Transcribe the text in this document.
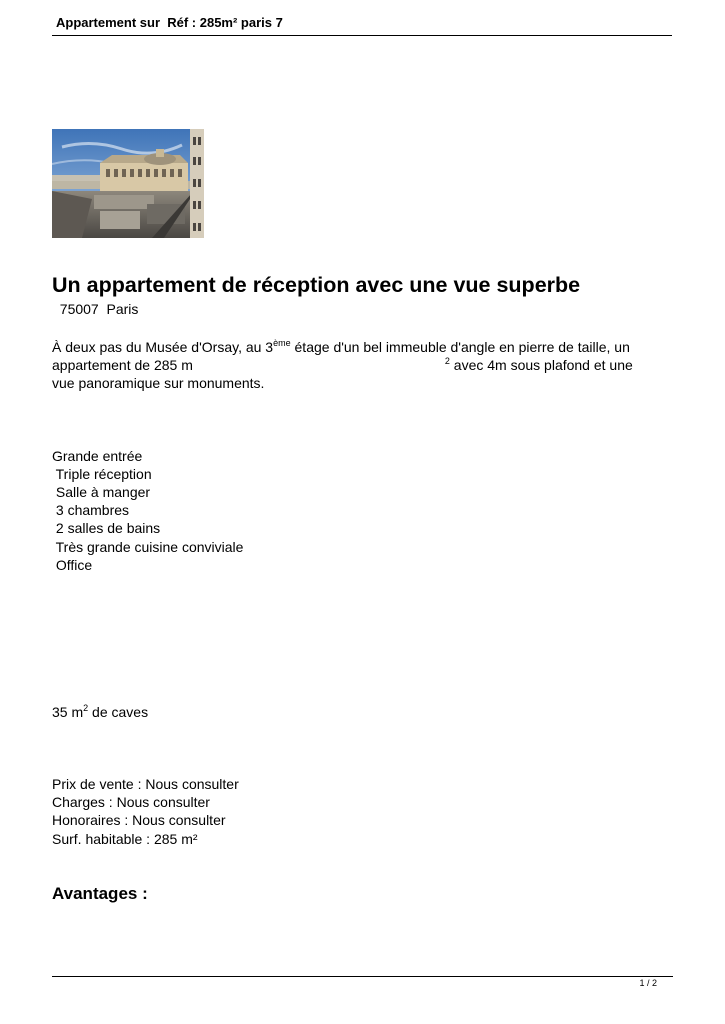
Appartement sur  Réf : 285m² paris 7
Un appartement de réception avec une vue superbe
75007 Paris
À deux pas du Musée d'Orsay, au 3ème étage d'un bel immeuble d'angle en pierre de taille, un
appartement de 285 m	$^2$ avec 4m sous plafond et une
vue panoramique sur monuments.
Grande entrée
Triple réception
Salle à manger
3 chambres
2 salles de bains
Très grande cuisine conviviale
Office
35 $m^2$ de caves
Prix de vente : Nous consulter
Charges : Nous consulter
Honoraires : Nous consulter
Surf. habitable : 285 m²
Avantages :
1 / 2
